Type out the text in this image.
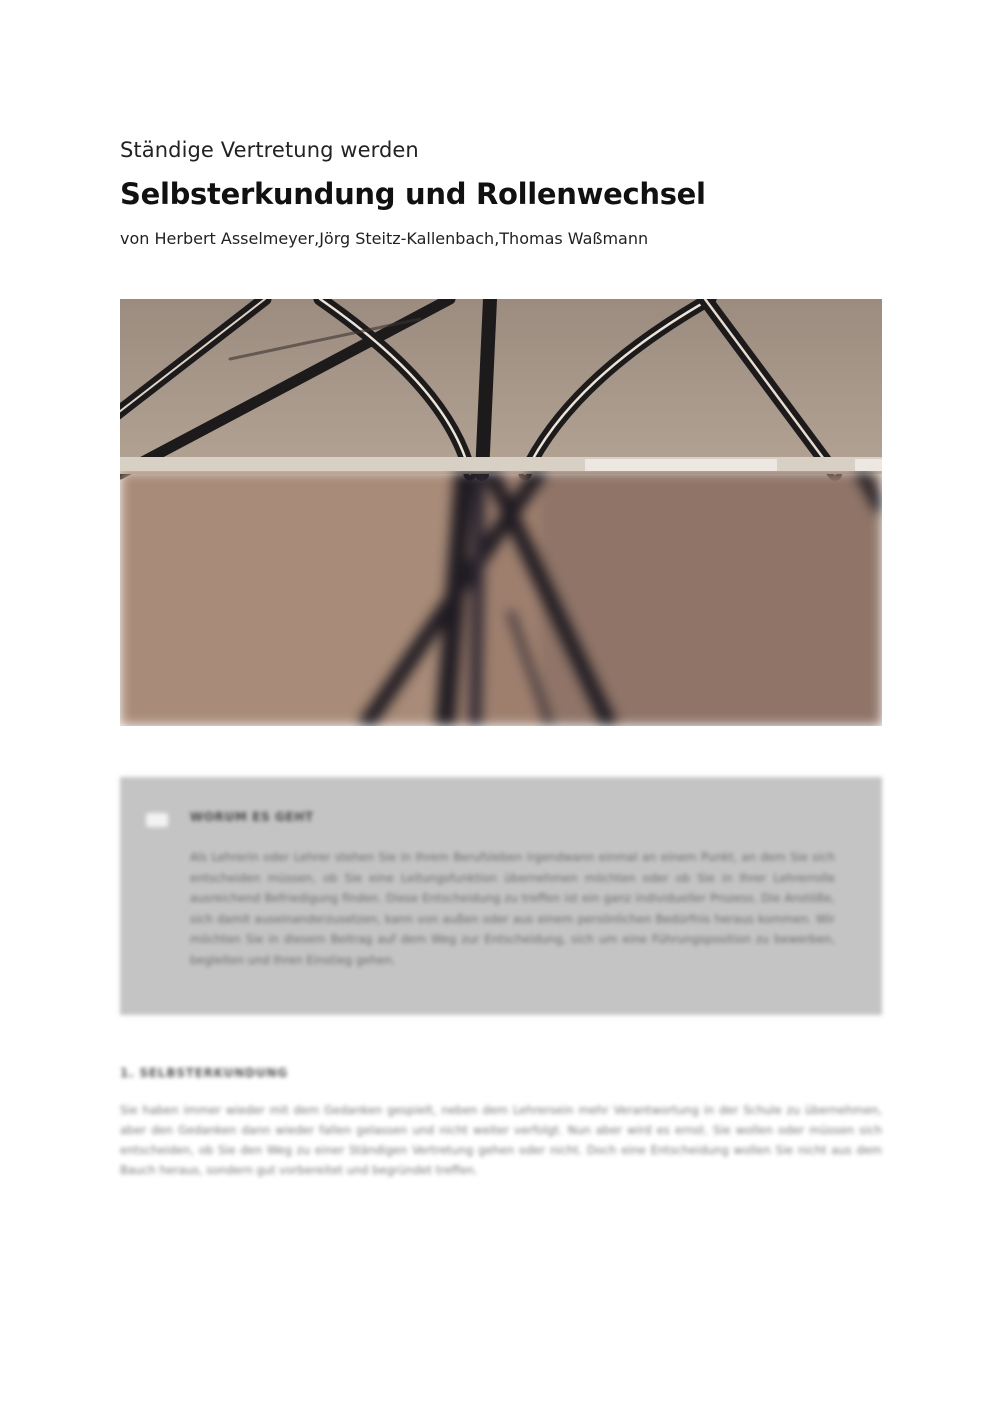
Ständige Vertretung werden
Selbsterkundung und Rollenwechsel
von Herbert Asselmeyer,Jörg Steitz-Kallenbach,Thomas Waßmann
WORUM ES GEHT
Als Lehrerin oder Lehrer stehen Sie in Ihrem Berufsleben irgendwann einmal an einem Punkt, an dem Sie sich entscheiden müssen, ob Sie eine Leitungsfunktion übernehmen möchten oder ob Sie in Ihrer Lehrerrolle ausreichend Befriedigung finden. Diese Entscheidung zu treffen ist ein ganz individueller Prozess. Die Anstöße, sich damit auseinanderzusetzen, kann von außen oder aus einem persönlichen Bedürfnis heraus kommen. Wir möchten Sie in diesem Beitrag auf dem Weg zur Entscheidung, sich um eine Führungsposition zu bewerben, begleiten und Ihren Einstieg gehen.
1. SELBSTERKUNDUNG
Sie haben immer wieder mit dem Gedanken gespielt, neben dem Lehrersein mehr Verantwortung in der Schule zu übernehmen, aber den Gedanken dann wieder fallen gelassen und nicht weiter verfolgt. Nun aber wird es ernst. Sie wollen oder müssen sich entscheiden, ob Sie den Weg zu einer Ständigen Vertretung gehen oder nicht. Doch eine Entscheidung wollen Sie nicht aus dem Bauch heraus, sondern gut vorbereitet und begründet treffen.
